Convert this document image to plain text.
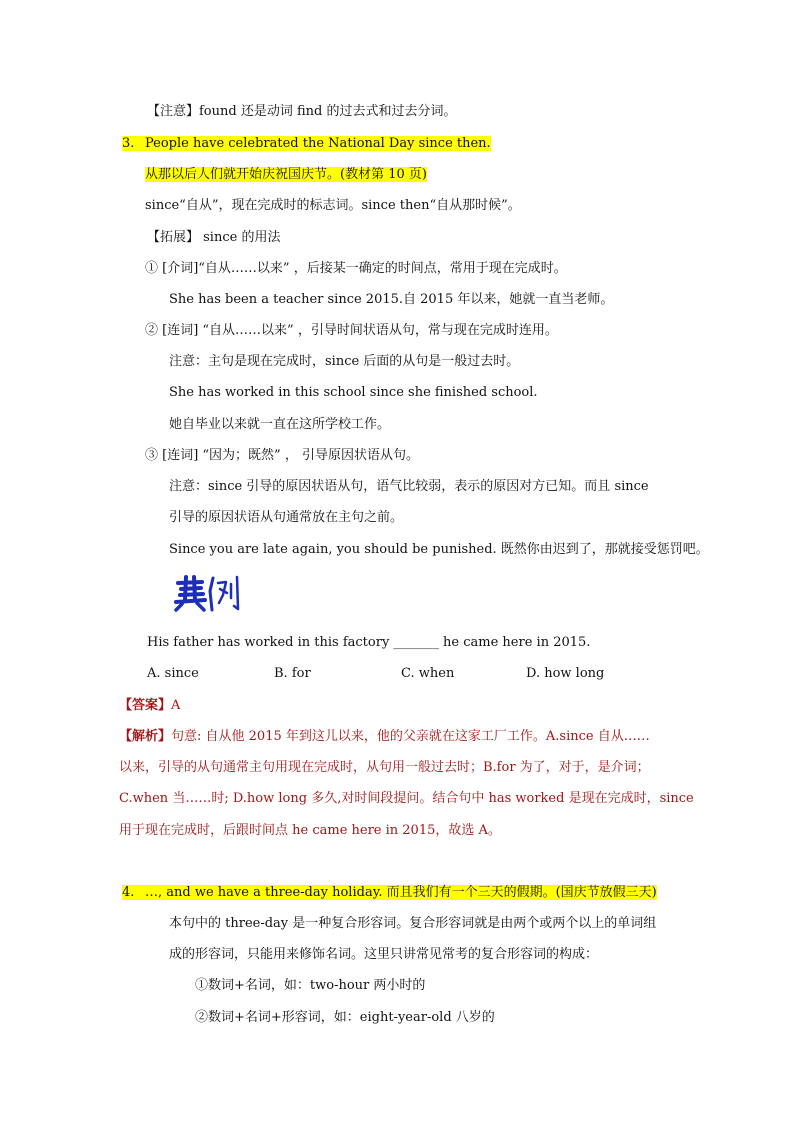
【注意】found 还是动词 find 的过去式和过去分词。
3. People have celebrated the National Day since then.
从那以后人们就开始庆祝国庆节。(教材第 10 页)
since“自从”，现在完成时的标志词。since then“自从那时候”。
【拓展】 since 的用法
① [介词]“自从……以来” ，后接某一确定的时间点，常用于现在完成时。
She has been a teacher since 2015.自 2015 年以来，她就一直当老师。
② [连词] “自从……以来” ，引导时间状语从句，常与现在完成时连用。
注意：主句是现在完成时，since 后面的从句是一般过去时。
She has worked in this school since she finished school.
她自毕业以来就一直在这所学校工作。
③ [连词] “因为；既然” ， 引导原因状语从句。
注意：since 引导的原因状语从句，语气比较弱，表示的原因对方已知。而且 since
引导的原因状语从句通常放在主句之前。
Since you are late again, you should be punished. 既然你由迟到了，那就接受惩罚吧。
His father has worked in this factory _______ he came here in 2015.
A. since	B. for	C. when	D. how long
【答案】A
【解析】句意: 自从他 2015 年到这儿以来，他的父亲就在这家工厂工作。A.since 自从……
以来，引导的从句通常主句用现在完成时，从句用一般过去时；B.for 为了，对于，是介词；
C.when 当……时; D.how long 多久,对时间段提问。结合句中 has worked 是现在完成时，since
用于现在完成时，后跟时间点 he came here in 2015，故选 A。
4. …, and we have a three-day holiday. 而且我们有一个三天的假期。(国庆节放假三天)
本句中的 three-day 是一种复合形容词。复合形容词就是由两个或两个以上的单词组
成的形容词，只能用来修饰名词。这里只讲常见常考的复合形容词的构成：
①数词+名词，如：two-hour 两小时的
②数词+名词+形容词，如：eight-year-old 八岁的
